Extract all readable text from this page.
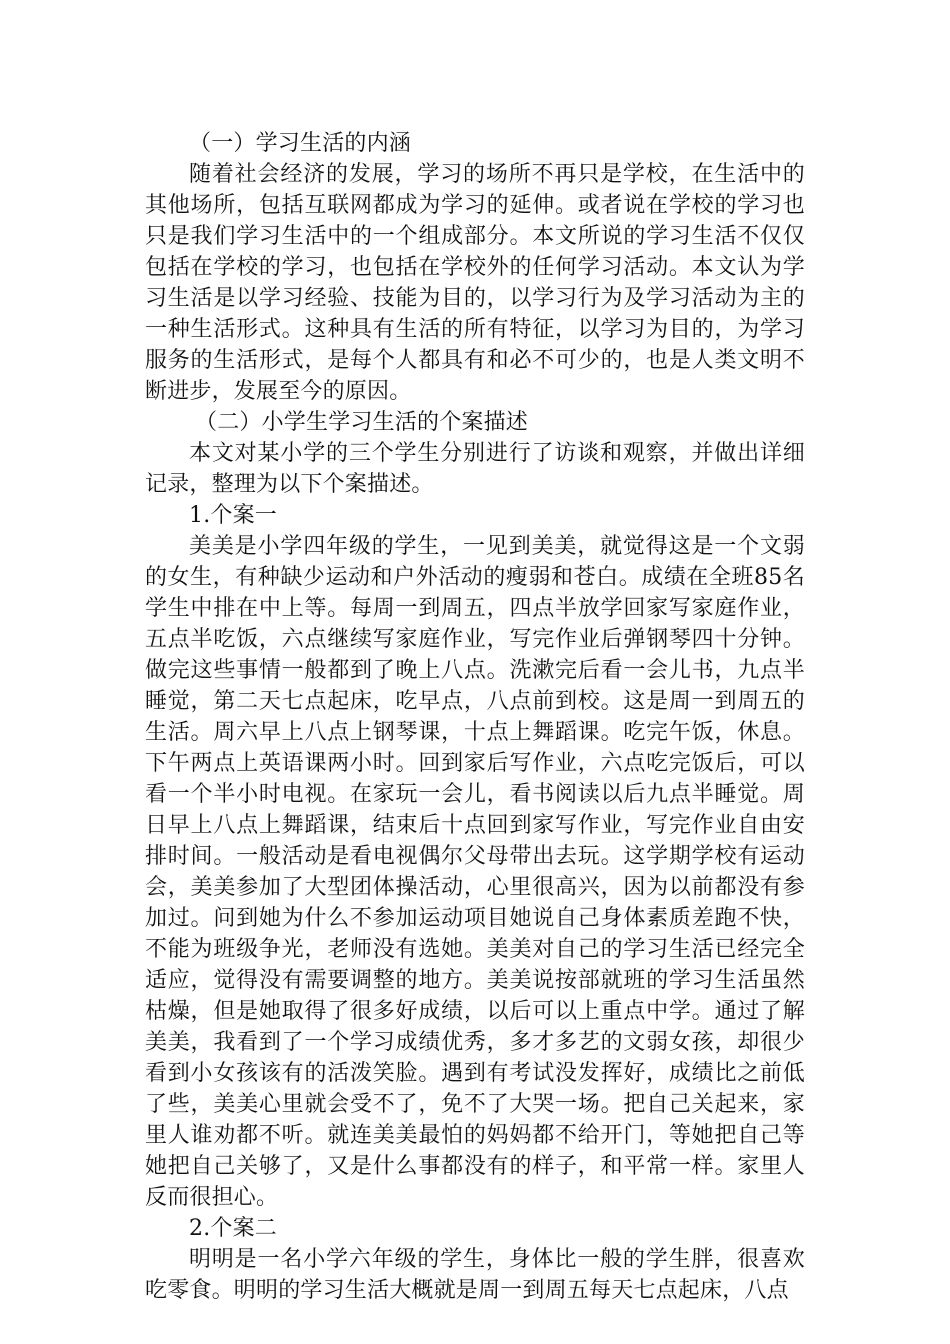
（一）学习生活的内涵

随着社会经济的发展，学习的场所不再只是学校，在生活中的其他场所，包括互联网都成为学习的延伸。或者说在学校的学习也只是我们学习生活中的一个组成部分。本文所说的学习生活不仅仅包括在学校的学习，也包括在学校外的任何学习活动。本文认为学习生活是以学习经验、技能为目的，以学习行为及学习活动为主的一种生活形式。这种具有生活的所有特征，以学习为目的，为学习服务的生活形式，是每个人都具有和必不可少的，也是人类文明不断进步，发展至今的原因。

（二）小学生学习生活的个案描述

本文对某小学的三个学生分别进行了访谈和观察，并做出详细记录，整理为以下个案描述。

1.个案一

美美是小学四年级的学生，一见到美美，就觉得这是一个文弱的女生，有种缺少运动和户外活动的瘦弱和苍白。成绩在全班85名学生中排在中上等。每周一到周五，四点半放学回家写家庭作业，五点半吃饭，六点继续写家庭作业，写完作业后弹钢琴四十分钟。做完这些事情一般都到了晚上八点。洗漱完后看一会儿书，九点半睡觉，第二天七点起床，吃早点，八点前到校。这是周一到周五的生活。周六早上八点上钢琴课，十点上舞蹈课。吃完午饭，休息。下午两点上英语课两小时。回到家后写作业，六点吃完饭后，可以看一个半小时电视。在家玩一会儿，看书阅读以后九点半睡觉。周日早上八点上舞蹈课，结束后十点回到家写作业，写完作业自由安排时间。一般活动是看电视偶尔父母带出去玩。这学期学校有运动会，美美参加了大型团体操活动，心里很高兴，因为以前都没有参加过。问到她为什么不参加运动项目她说自己身体素质差跑不快，不能为班级争光，老师没有选她。美美对自己的学习生活已经完全适应，觉得没有需要调整的地方。美美说按部就班的学习生活虽然枯燥，但是她取得了很多好成绩，以后可以上重点中学。通过了解美美，我看到了一个学习成绩优秀，多才多艺的文弱女孩，却很少看到小女孩该有的活泼笑脸。遇到有考试没发挥好，成绩比之前低了些，美美心里就会受不了，免不了大哭一场。把自己关起来，家里人谁劝都不听。就连美美最怕的妈妈都不给开门，等她把自己等她把自己关够了，又是什么事都没有的样子，和平常一样。家里人反而很担心。

2.个案二

明明是一名小学六年级的学生，身体比一般的学生胖，很喜欢吃零食。明明的学习生活大概就是周一到周五每天七点起床，八点
